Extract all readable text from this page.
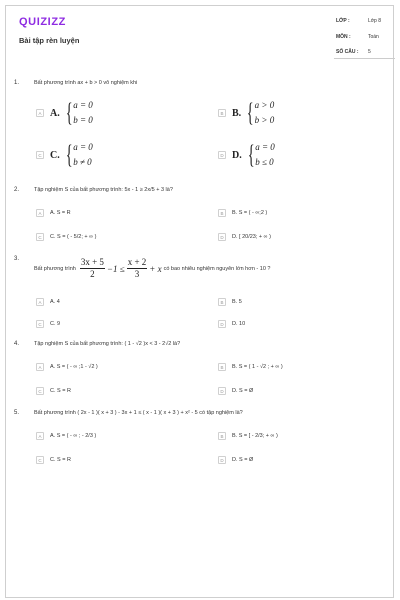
QUIZIZZ
Bài tập rèn luyện
LỚP :	Lớp 8
MÔN :	Toán
SỐ CÂU : 5
1.	Bất phương trình ax + b > 0 vô nghiệm khi
A A. { a = 0
b = 0
B B. { a > 0
b > 0
C C. { a = 0
b ≠ 0
D D. { a = 0
b ≤ 0
2.	Tập nghiệm S của bất phương trình: 5x - 1 ≥ 2x/5 + 3 là?
A	A. S = R	B	B. S = ( - ∞;2 )
C	C. S = ( - 5/2; + ∞ )	D	D. [ 20/23; + ∞ )
3.
Bất phương trình $\frac{3x + 5}{2} -1 \le \frac{x + 2}{3} + x$ có bao nhiêu nghiệm nguyên lớn hơn - 10 ?
A	A. 4	B	B. 5
C	C. 9	D	D. 10
4.	Tập nghiệm S của bất phương trình: ( 1 - √2 )x < 3 - 2√2 là?
A	A. S = ( - ∞ ;1 - √2 )	B	B. S = ( 1 - √2 ; + ∞ )
C	C. S = R	D	D. S = Ø
5.	Bất phương trình ( 2x - 1 )( x + 3 ) - 3x + 1 ≤ ( x - 1 )( x + 3 ) + x² - 5 có tập nghiệm là?
A	A. S = ( - ∞ ; - 2/3 )	B	B. S = [ - 2/3; + ∞ )
C	C. S = R	D	D. S = Ø
